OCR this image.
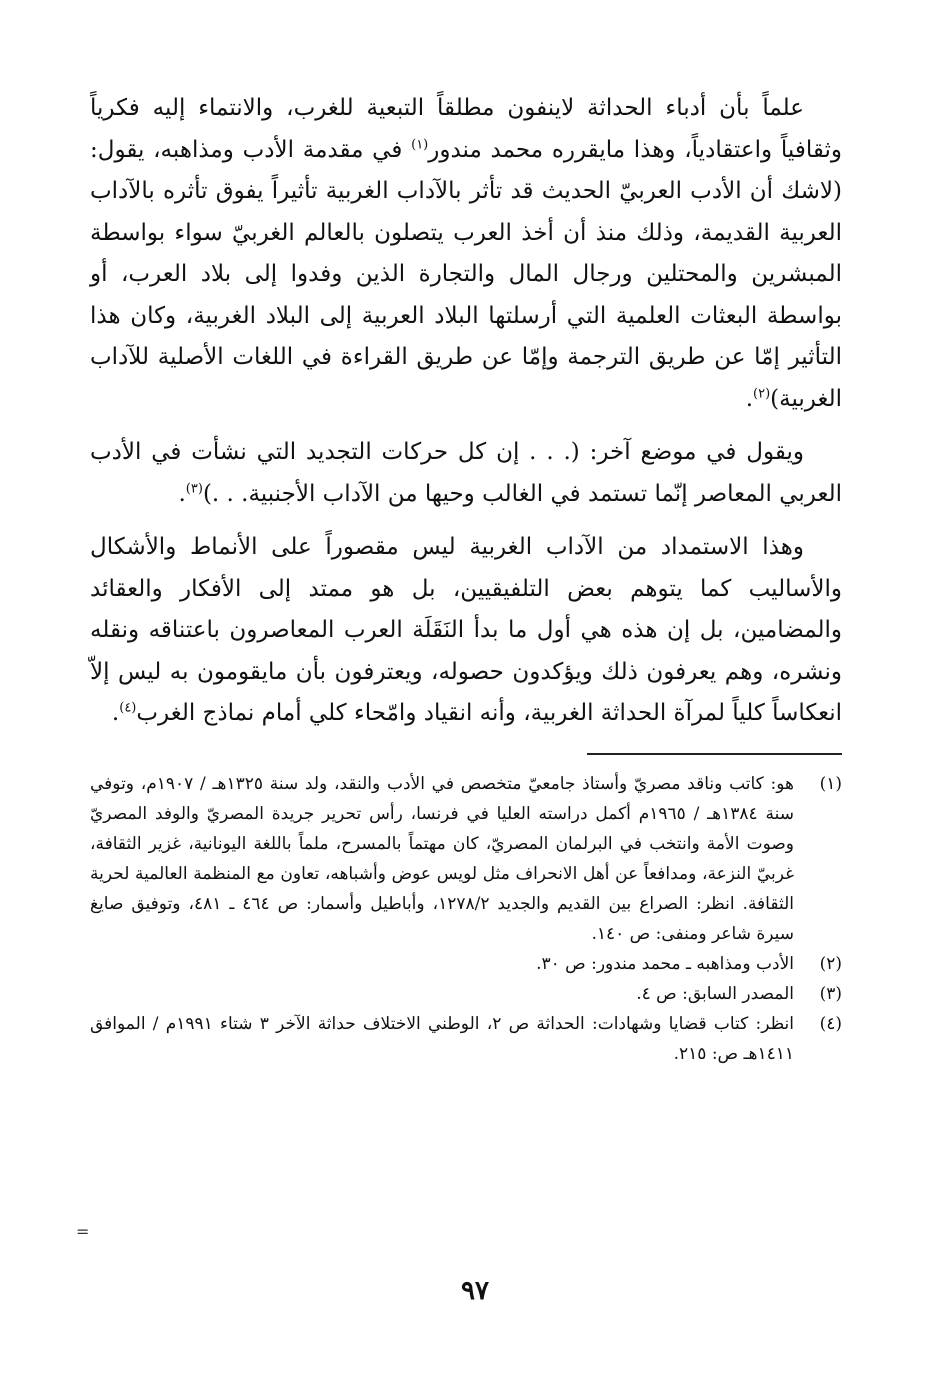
علماً بأن أدباء الحداثة لاينفون مطلقاً التبعية للغرب، والانتماء إليه فكرياً وثقافياً واعتقادياً، وهذا مايقرره محمد مندور$^{(١)}$ في مقدمة الأدب ومذاهبه، يقول: (لاشك أن الأدب العربيّ الحديث قد تأثر بالآداب الغربية تأثيراً يفوق تأثره بالآداب العربية القديمة، وذلك منذ أن أخذ العرب يتصلون بالعالم الغربيّ سواء بواسطة المبشرين والمحتلين ورجال المال والتجارة الذين وفدوا إلى بلاد العرب، أو بواسطة البعثات العلمية التي أرسلتها البلاد العربية إلى البلاد الغربية، وكان هذا التأثير إمّا عن طريق الترجمة وإمّا عن طريق القراءة في اللغات الأصلية للآداب الغربية)$^{(٢)}$.

ويقول في موضع آخر: (. . . إن كل حركات التجديد التي نشأت في الأدب العربي المعاصر إنّما تستمد في الغالب وحيها من الآداب الأجنبية. . .)$^{(٣)}$.

وهذا الاستمداد من الآداب الغربية ليس مقصوراً على الأنماط والأشكال والأساليب كما يتوهم بعض التلفيقيين، بل هو ممتد إلى الأفكار والعقائد والمضامين، بل إن هذه هي أول ما بدأ النَقَلَة العرب المعاصرون باعتناقه ونقله ونشره، وهم يعرفون ذلك ويؤكدون حصوله، ويعترفون بأن مايقومون به ليس إلاّ انعكاساً كلياً لمرآة الحداثة الغربية، وأنه انقياد وامّحاء كلي أمام نماذج الغرب$^{(٤)}$.

(١)
هو: كاتب وناقد مصريّ وأستاذ جامعيّ متخصص في الأدب والنقد، ولد سنة ١٣٢٥هـ / ١٩٠٧م، وتوفي سنة ١٣٨٤هـ / ١٩٦٥م أكمل دراسته العليا في فرنسا، رأس تحرير جريدة المصريّ والوفد المصريّ وصوت الأمة وانتخب في البرلمان المصريّ، كان مهتماً بالمسرح، ملماً باللغة اليونانية، غزير الثقافة، غربيّ النزعة، ومدافعاً عن أهل الانحراف مثل لويس عوض وأشباهه، تعاون مع المنظمة العالمية لحرية الثقافة. انظر: الصراع بين القديم والجديد ١٢٧٨/٢، وأباطيل وأسمار: ص ٤٦٤ ـ ٤٨١، وتوفيق صايغ سيرة شاعر ومنفى: ص ١٤٠.
(٢)
الأدب ومذاهبه ـ محمد مندور: ص ٣٠.
(٣)
المصدر السابق: ص ٤.
(٤)
انظر: كتاب قضايا وشهادات: الحداثة ص ٢، الوطني الاختلاف حداثة الآخر ٣ شتاء ١٩٩١م / الموافق ١٤١١هـ ص: ٢١٥.
=
٩٧
